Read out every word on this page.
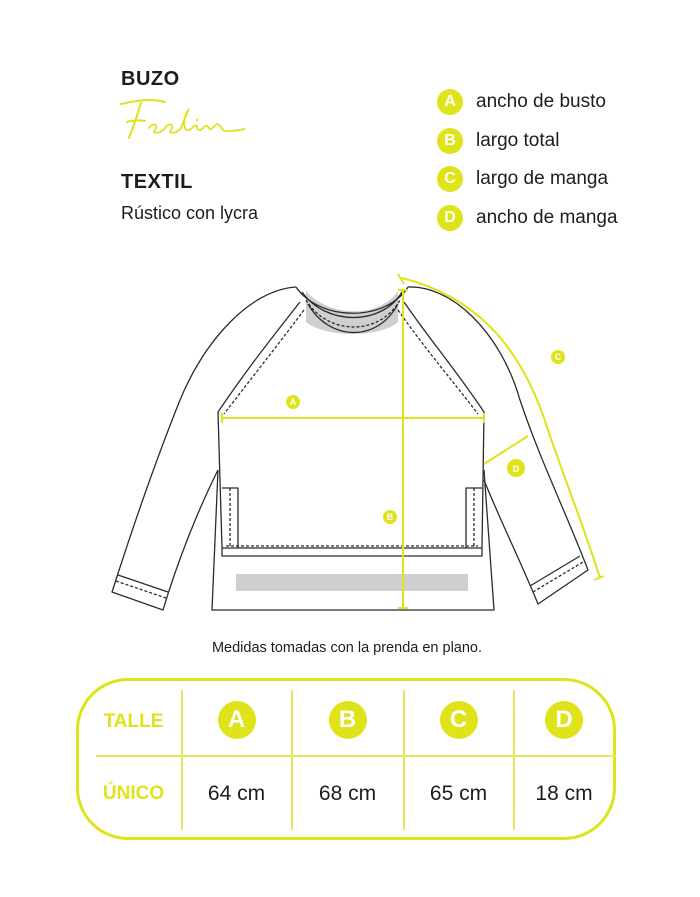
BUZO
TEXTIL
Rústico con lycra
A	ancho de busto
B	largo total
C	largo de manga
D	ancho de manga
A
B
C
D
Medidas tomadas con la prenda en plano.
TALLE	A	B	C	D
ÚNICO	64 cm	68 cm	65 cm	18 cm
